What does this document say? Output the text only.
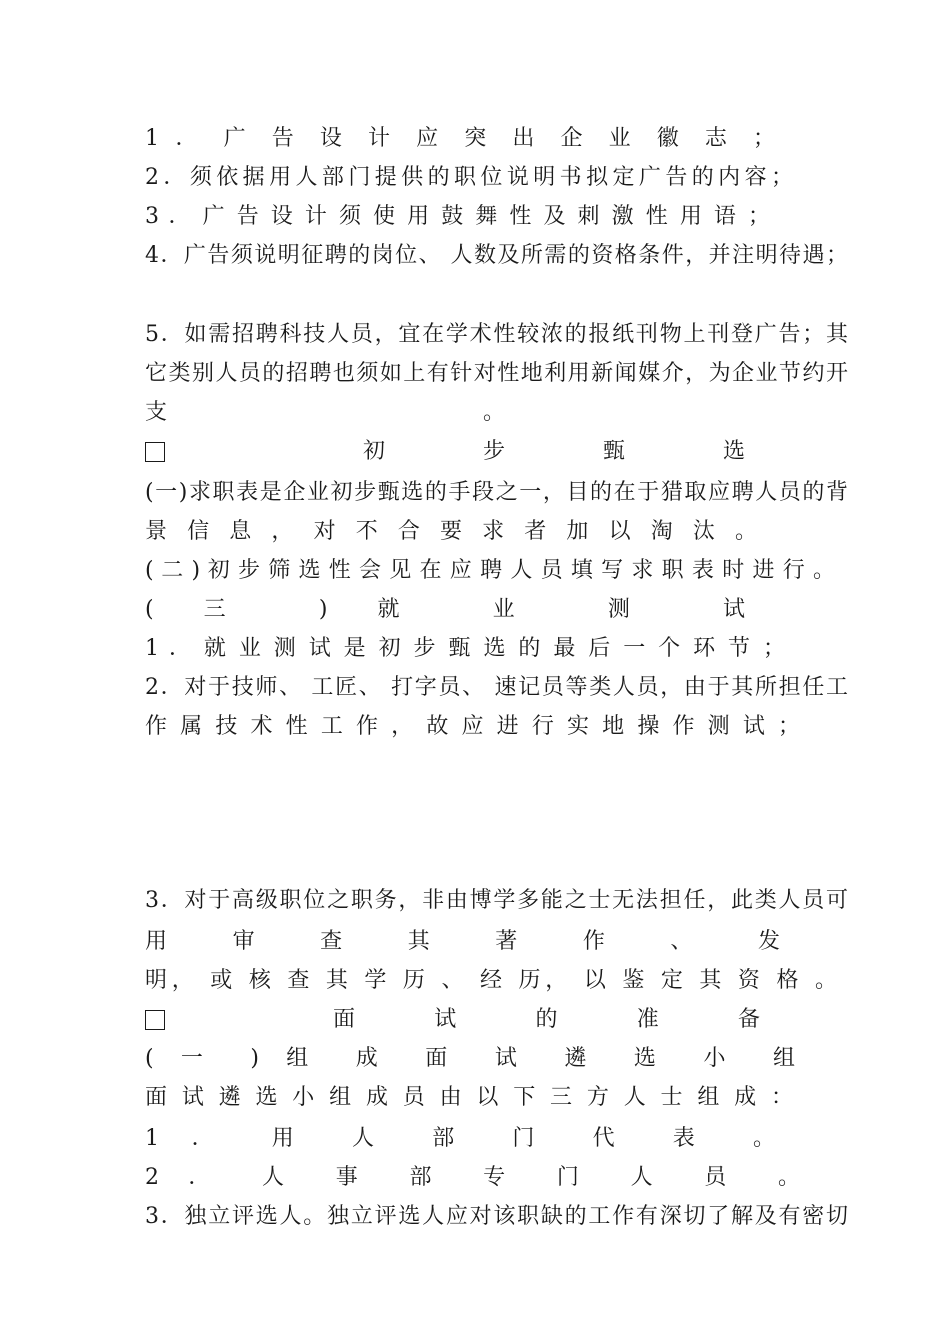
1 ． 广 告 设 计 应 突 出 企 业 徽 志 ；
2．须依据用人部门提供的职位说明书拟定广告的内容；
3 ． 广 告 设 计 须 使 用 鼓 舞 性 及 刺 激 性 用 语 ；
4．广告须说明征聘的岗位、 人数及所需的资格条件，并注明待遇；
5．如需招聘科技人员，宜在学术性较浓的报纸刊物上刊登广告；其
它类别人员的招聘也须如上有针对性地利用新闻媒介，为企业节约开
支 。
初 步 甄 选
(一)求职表是企业初步甄选的手段之一，目的在于猎取应聘人员的背
景 信 息 ， 对 不 合 要 求 者 加 以 淘 汰 。
( 二 ) 初 步 筛 选 性 会 见 在 应 聘 人 员 填 写 求 职 表 时 进 行 。
( 三 ) 就 业 测 试
1 ． 就 业 测 试 是 初 步 甄 选 的 最 后 一 个 环 节 ；
2．对于技师、 工匠、 打字员、 速记员等类人员，由于其所担任工
作 属 技 术 性 工 作 ， 故 应 进 行 实 地 操 作 测 试 ；
3．对于高级职位之职务，非由博学多能之士无法担任，此类人员可
用 审 查 其 著 作 、 发
明， 或 核 查 其 学 历 、 经 历， 以 鉴 定 其 资 格 。
面 试 的 准 备
( 一 ) 组 成 面 试 遴 选 小 组
面 试 遴 选 小 组 成 员 由 以 下 三 方 人 士 组 成 ：
1 ． 用 人 部 门 代 表 。
2 ． 人 事 部 专 门 人 员 。
3．独立评选人。独立评选人应对该职缺的工作有深切了解及有密切
